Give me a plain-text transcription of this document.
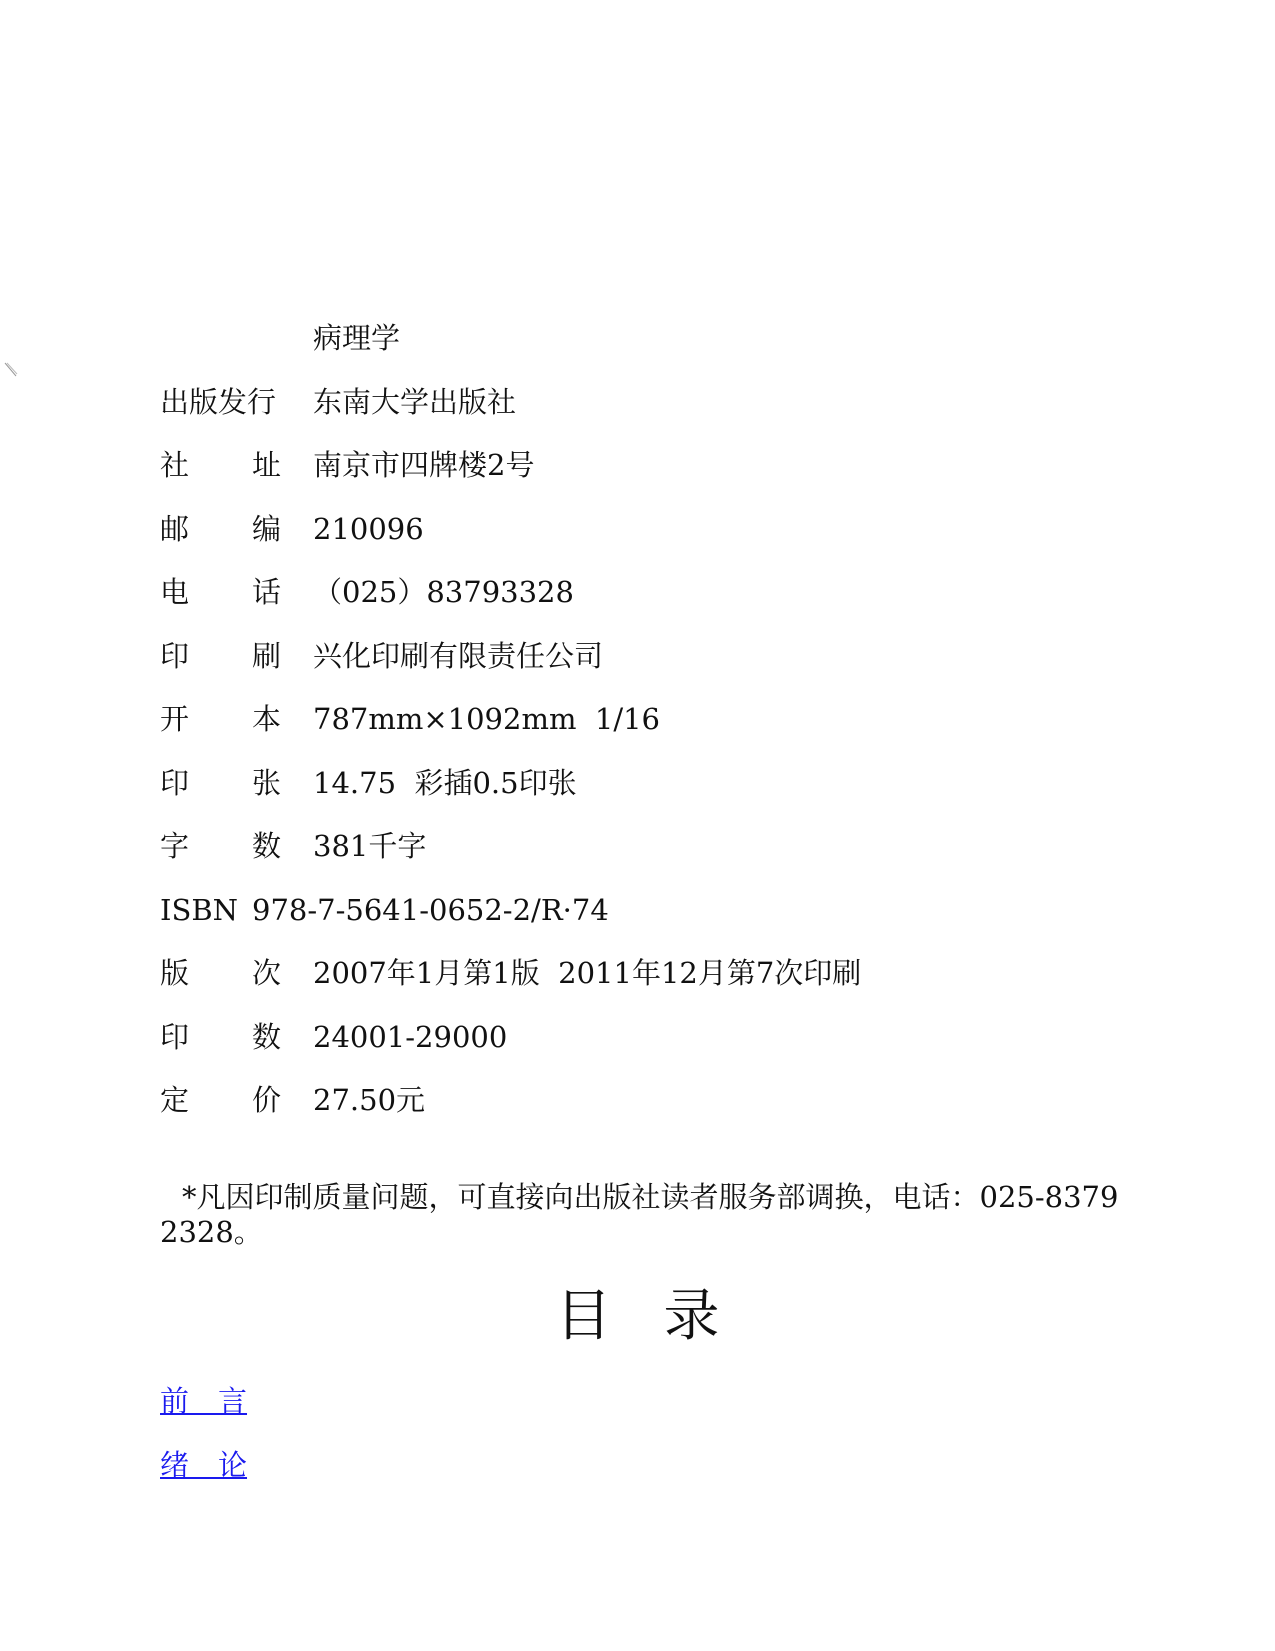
病理学
出版发行 东南大学出版社
社 址 南京市四牌楼2号
邮 编 210096
电 话 （025）83793328
印 刷 兴化印刷有限责任公司
开 本 787mm×1092mm  1/16
印 张 14.75  彩插0.5印张
字 数 381千字
ISBN 978-7-5641-0652-2/R·74
版 次 2007年1月第1版  2011年12月第7次印刷
印 数 24001-29000
定 价 27.50元
*凡因印制质量问题，可直接向出版社读者服务部调换，电话：025-83792328。
目录
前　言
绪　论
